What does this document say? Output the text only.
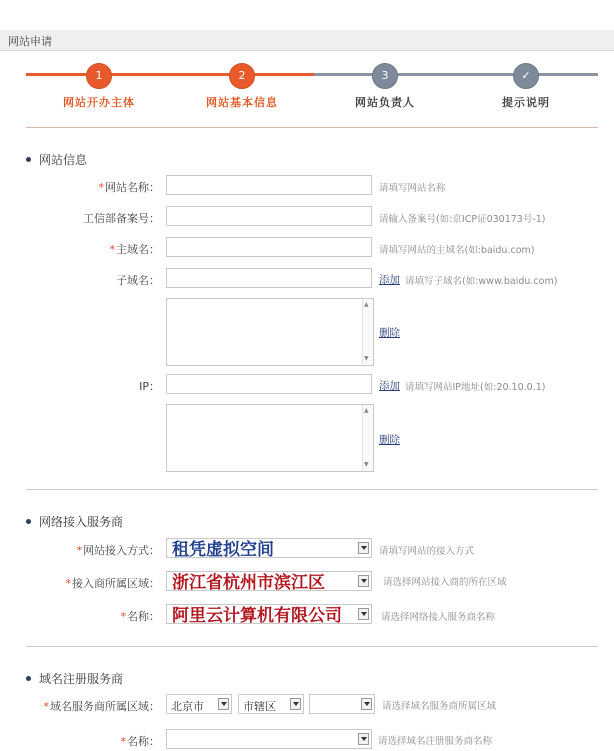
网站申请
1
网站开办主体
2
网站基本信息
3
网站负责人
✓
提示说明
网站信息
*网站名称：	请填写网站名称
工信部备案号：	请输入备案号(如:京ICP证030173号-1)
*主域名：	请填写网站的主域名(如:baidu.com)
子域名：	添加 请填写子域名(如:www.baidu.com)
▲
▼
删除
IP：	添加 请填写网站IP地址(如:20.10.0.1)
▲
▼
删除
网络接入服务商
*网站接入方式： 租凭虚拟空间	请填写网站的接入方式
*接入商所属区域： 浙江省杭州市滨江区	请选择网站接入商的所在区域
*名称： 阿里云计算机有限公司	请选择网络接入服务商名称
域名注册服务商
*域名服务商所属区域： 北京市	市辖区	请选择域名服务商所属区域
*名称：	请选择域名注册服务商名称
